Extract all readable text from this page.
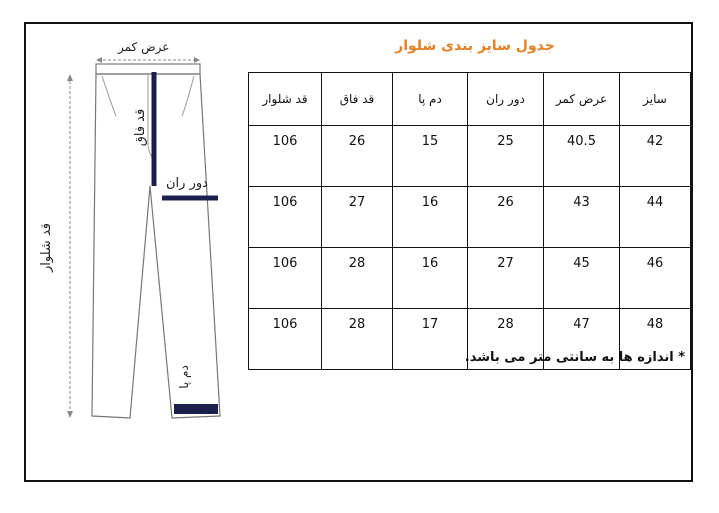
عرض کمر
قد فاق
دور ران
قد شلوار
دم پا
جدول سایز بندی شلوار
سایز	عرض کمر	دور ران	دم پا	قد فاق	قد شلوار
42	40.5	25	15	26	106
44	43	26	16	27	106
46	45	27	16	28	106
48	47	28	17	28	106
* اندازه ها به سانتی متر می باشد.
